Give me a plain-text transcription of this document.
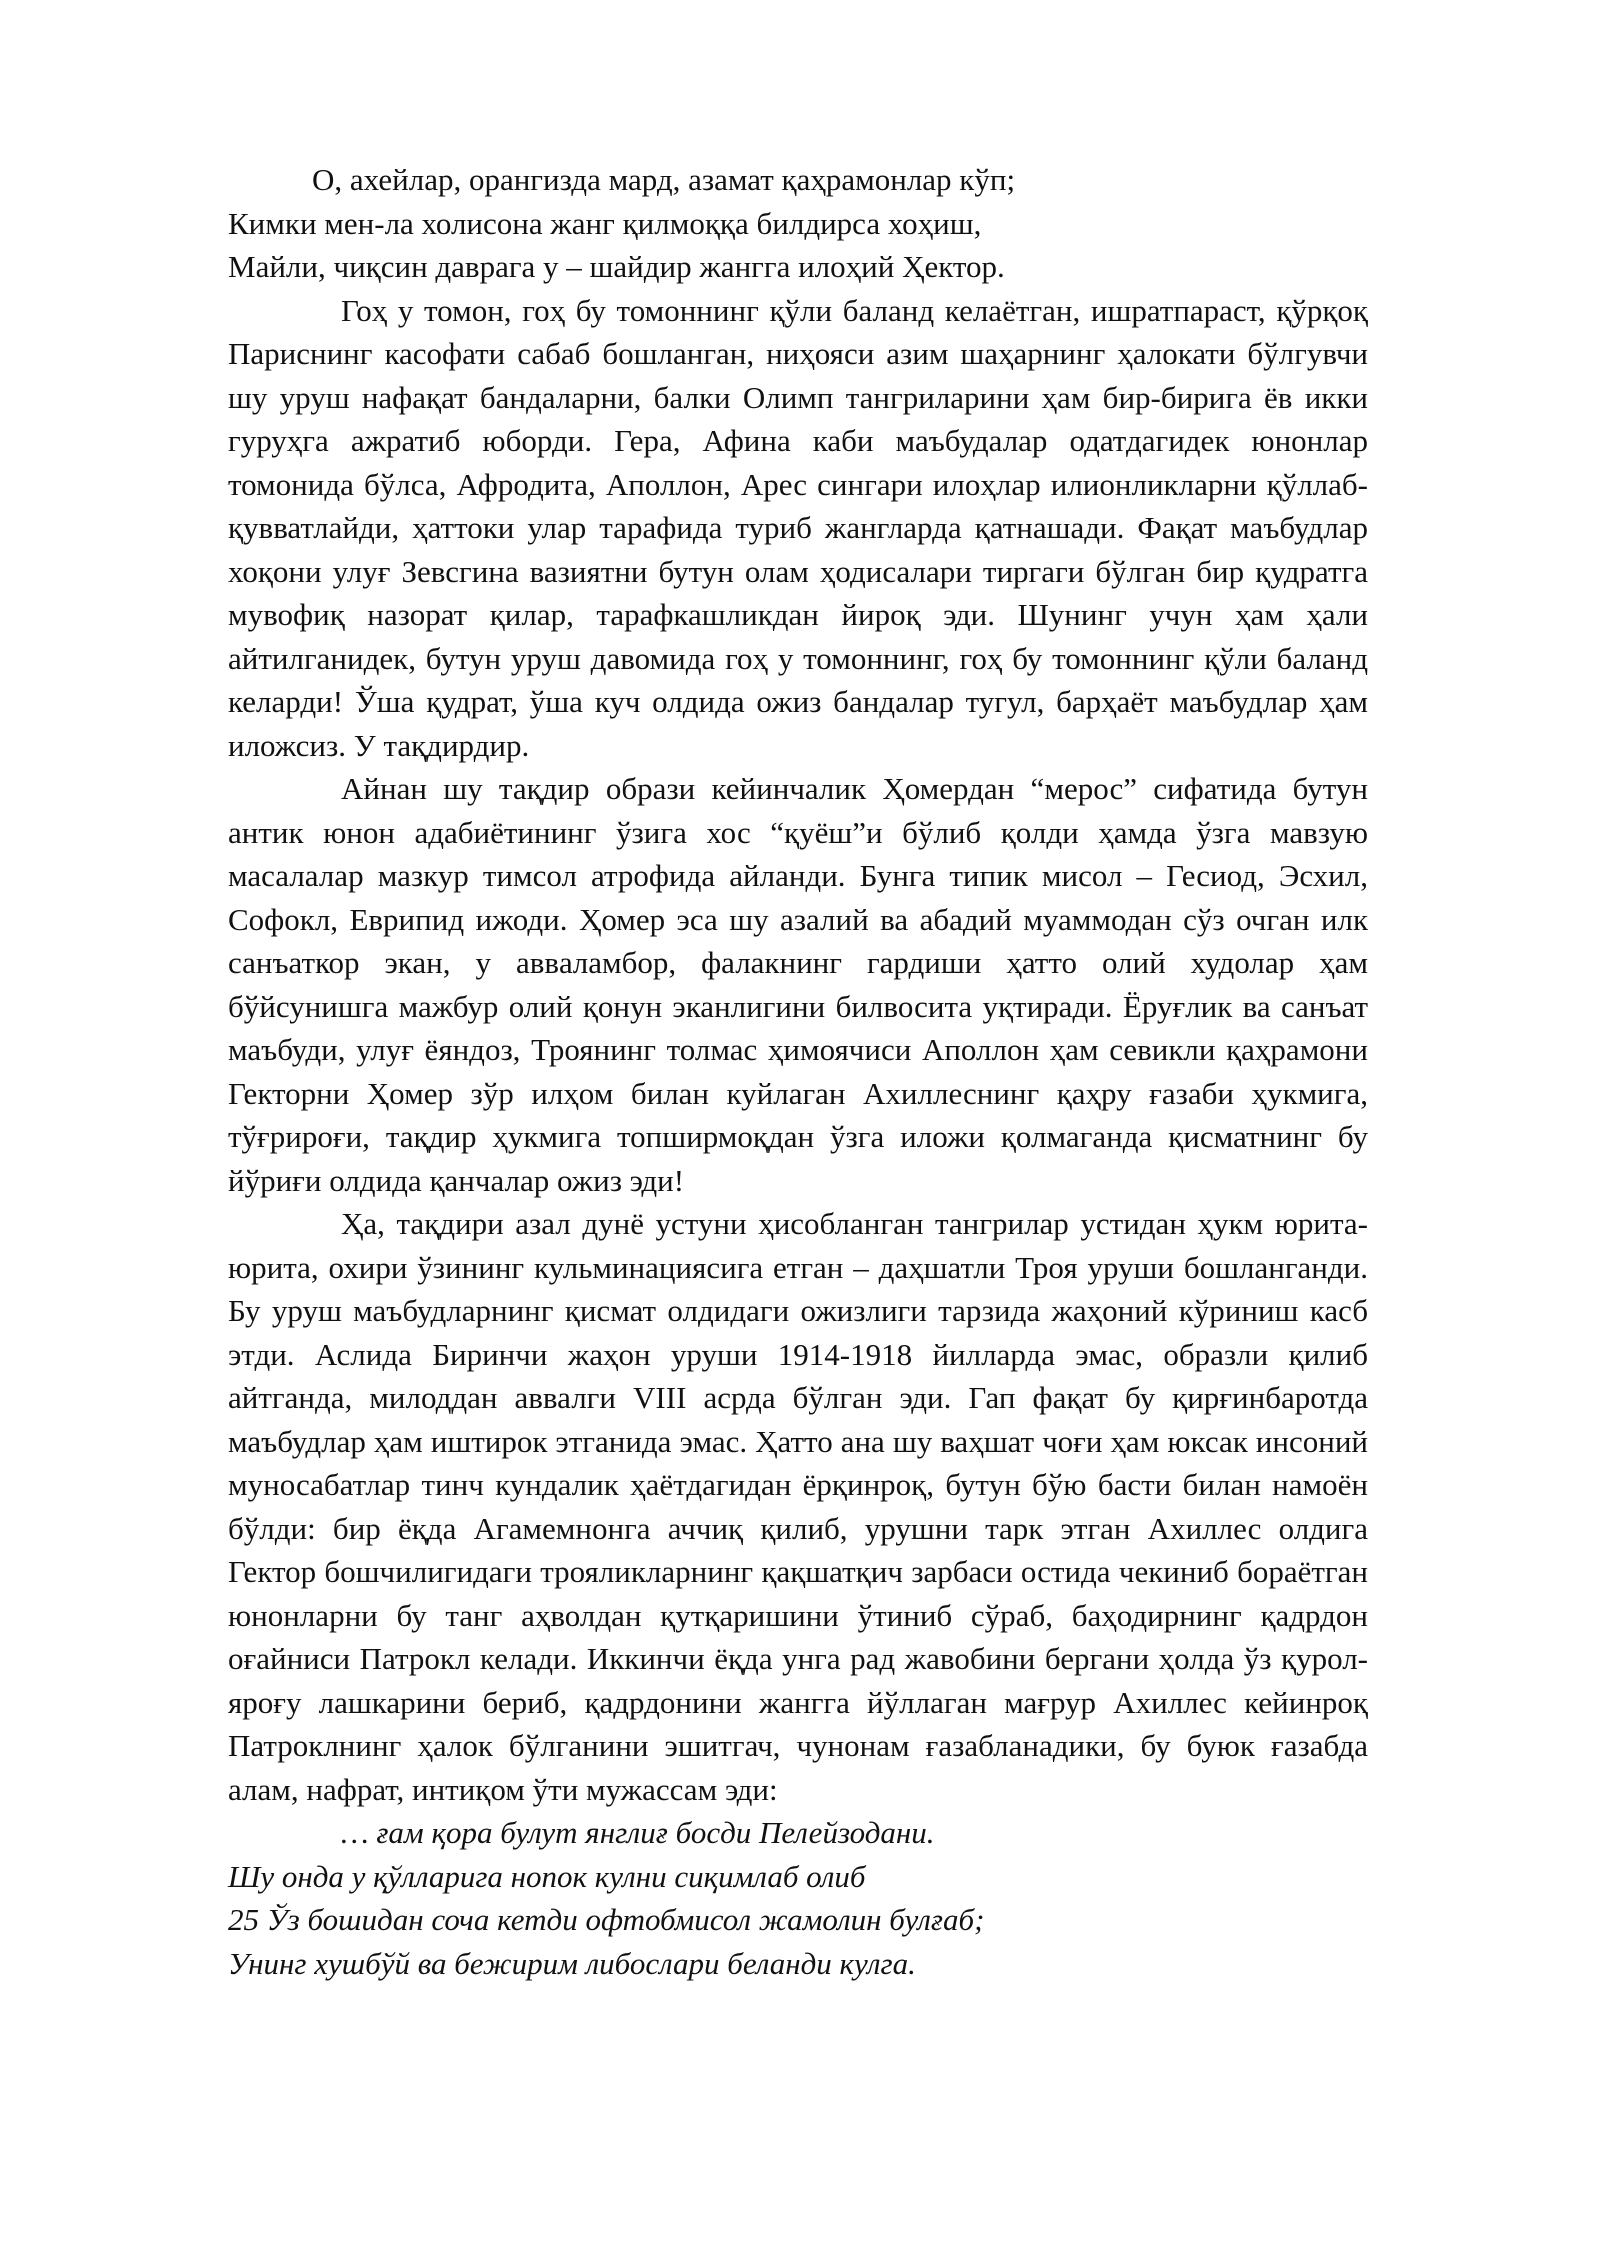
О, ахейлар, орангизда мард, азамат қаҳрамонлар кўп;
Кимки мен-ла холисона жанг қилмоққа билдирса хоҳиш,
Майли, чиқсин даврага у – шайдир жангга илоҳий Ҳектор.

Гоҳ у томон, гоҳ бу томоннинг қўли баланд келаётган, ишратпараст, қўрқоқ Париснинг касофати сабаб бошланган, ниҳояси азим шаҳарнинг ҳалокати бўлгувчи шу уруш нафақат бандаларни, балки Олимп тангриларини ҳам бир-бирига ёв икки гуруҳга ажратиб юборди. Гера, Афина каби маъбудалар одатдагидек юнонлар томонида бўлса, Афродита, Аполлон, Арес сингари илоҳлар илионликларни қўллаб-қувватлайди, ҳаттоки улар тарафида туриб жангларда қатнашади. Фақат маъбудлар хоқони улуғ Зевсгина вазиятни бутун олам ҳодисалари тиргаги бўлган бир қудратга мувофиқ назорат қилар, тарафкашликдан йироқ эди. Шунинг учун ҳам ҳали айтилганидек, бутун уруш давомида гоҳ у томоннинг, гоҳ бу томоннинг қўли баланд келарди! Ўша қудрат, ўша куч олдида ожиз бандалар тугул, барҳаёт маъбудлар ҳам иложсиз. У тақдирдир.

Айнан шу тақдир образи кейинчалик Ҳомердан “мерос” сифатида бутун антик юнон адабиётининг ўзига хос “қуёш”и бўлиб қолди ҳамда ўзга мавзую масалалар мазкур тимсол атрофида айланди. Бунга типик мисол – Гесиод, Эсхил, Софокл, Еврипид ижоди. Ҳомер эса шу азалий ва абадий муаммодан сўз очган илк санъаткор экан, у аввaламбор, фалакнинг гардиши ҳатто олий худолар ҳам бўйсунишга мажбур олий қонун эканлигини билвосита уқтиради. Ёруғлик ва санъат маъбуди, улуғ ёяндоз, Троянинг толмас ҳимоячиси Аполлон ҳам севикли қаҳрамони Гекторни Ҳомер зўр илҳом билан куйлаган Ахиллеснинг қаҳру ғазаби ҳукмига, тўғрироғи, тақдир ҳукмига топширмоқдан ўзга иложи қолмаганда қисматнинг бу йўриғи олдида қанчалар ожиз эди!

Ҳа, тақдири азал дунё устуни ҳисобланган тангрилар устидан ҳукм юрита-юрита, охири ўзининг кульминациясига етган – даҳшатли Троя уруши бошланганди. Бу уруш маъбудларнинг қисмат олдидаги ожизлиги тарзида жаҳоний кўриниш касб этди. Аслида Биринчи жаҳон уруши 1914-1918 йилларда эмас, образли қилиб айтганда, милоддан аввалги VIII асрда бўлган эди. Гап фақат бу қирғинбаротда маъбудлар ҳам иштирок этганида эмас. Ҳатто ана шу ваҳшат чоғи ҳам юксак инсоний муносабатлар тинч кундалик ҳаётдагидан ёрқинроқ, бутун бўю басти билан намоён бўлди: бир ёқда Агамемнонга аччиқ қилиб, урушни тарк этган Ахиллес олдига Гектор бошчилигидаги трояликларнинг қақшатқич зарбаси остида чекиниб бораётган юнонларни бу танг аҳволдан қутқаришини ўтиниб сўраб, баҳодирнинг қадрдон оғайниси Патрокл келади. Иккинчи ёқда унга рад жавобини бергани ҳолда ўз қурол-яроғу лашкарини бериб, қадрдонини жангга йўллаган мағрур Ахиллес кейинроқ Патроклнинг ҳалок бўлганини эшитгач, чунонам ғазабланадики, бу буюк ғазабда алам, нафрат, интиқом ўти мужассам эди:

… ғам қора булут янглиғ босди Пелейзодани.
Шу онда у қўлларига нопок кулни сиқимлаб олиб
25 Ўз бошидан соча кетди офтобмисол жамолин булғаб;
Унинг хушбўй ва бежирим либослари беланди кулга.
